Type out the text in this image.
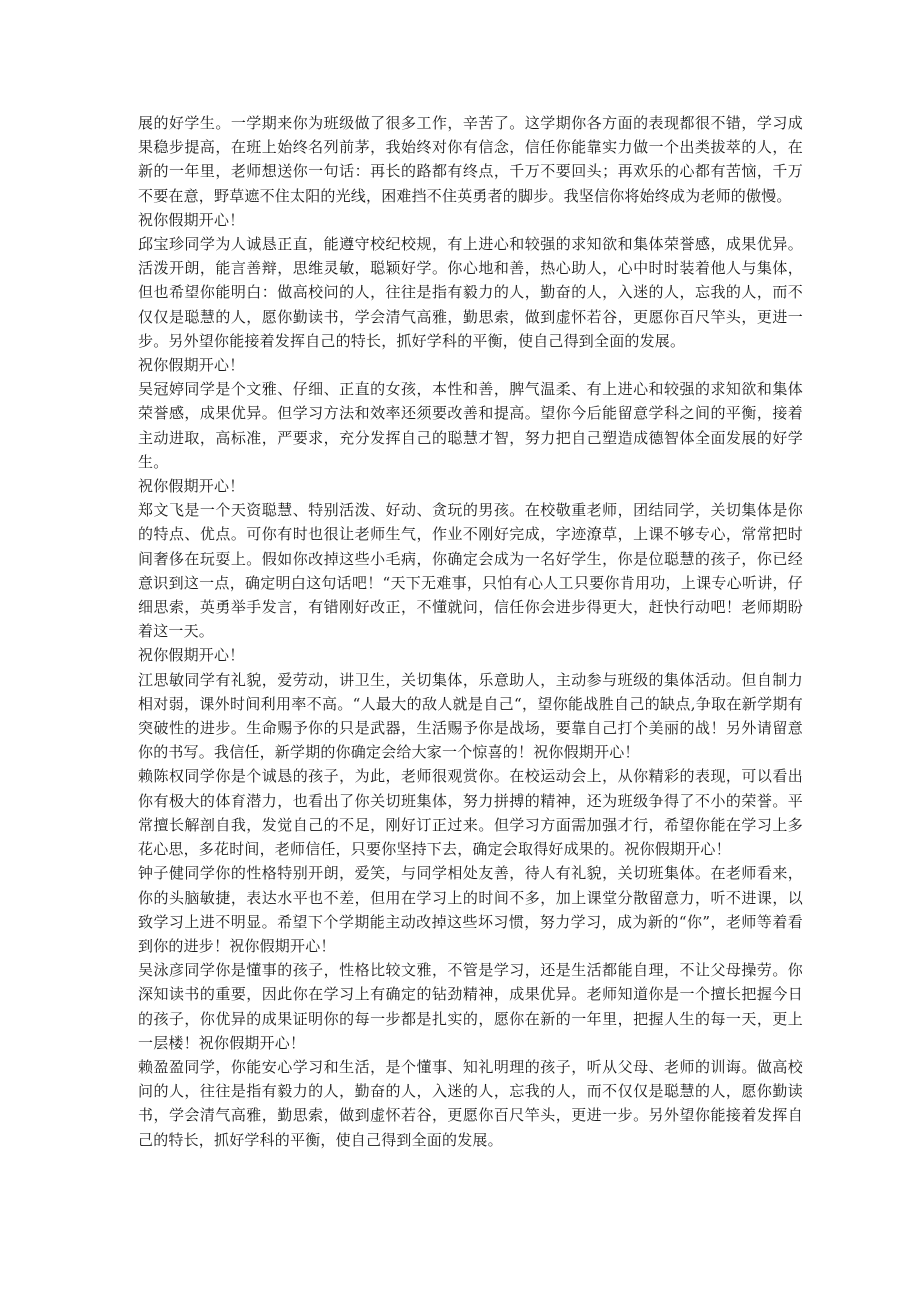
展的好学生。一学期来你为班级做了很多工作，辛苦了。这学期你各方面的表现都很不错，学习成果稳步提高，在班上始终名列前茅，我始终对你有信念，信任你能靠实力做一个出类拔萃的人，在新的一年里，老师想送你一句话：再长的路都有终点，千万不要回头；再欢乐的心都有苦恼，千万不要在意，野草遮不住太阳的光线，困难挡不住英勇者的脚步。我坚信你将始终成为老师的傲慢。

祝你假期开心！

邱宝珍同学为人诚恳正直，能遵守校纪校规，有上进心和较强的求知欲和集体荣誉感，成果优异。活泼开朗，能言善辩，思维灵敏，聪颖好学。你心地和善，热心助人，心中时时装着他人与集体，但也希望你能明白：做高校问的人，往往是指有毅力的人，勤奋的人，入迷的人，忘我的人，而不仅仅是聪慧的人，愿你勤读书，学会清气高雅，勤思索，做到虚怀若谷，更愿你百尺竿头，更进一步。另外望你能接着发挥自己的特长，抓好学科的平衡，使自己得到全面的发展。

祝你假期开心！

吴冠婷同学是个文雅、仔细、正直的女孩，本性和善，脾气温柔、有上进心和较强的求知欲和集体荣誉感，成果优异。但学习方法和效率还须要改善和提高。望你今后能留意学科之间的平衡，接着主动进取，高标准，严要求，充分发挥自己的聪慧才智，努力把自己塑造成德智体全面发展的好学生。

祝你假期开心！

郑文飞是一个天资聪慧、特别活泼、好动、贪玩的男孩。在校敬重老师，团结同学，关切集体是你的特点、优点。可你有时也很让老师生气，作业不刚好完成，字迹潦草，上课不够专心，常常把时间奢侈在玩耍上。假如你改掉这些小毛病，你确定会成为一名好学生，你是位聪慧的孩子，你已经意识到这一点，确定明白这句话吧！“天下无难事，只怕有心人工只要你肯用功，上课专心听讲，仔细思索，英勇举手发言，有错刚好改正，不懂就问，信任你会进步得更大，赶快行动吧！老师期盼着这一天。

祝你假期开心！

江思敏同学有礼貌，爱劳动，讲卫生，关切集体，乐意助人，主动参与班级的集体活动。但自制力相对弱，课外时间利用率不高。“人最大的敌人就是自己“，望你能战胜自己的缺点,争取在新学期有突破性的进步。生命赐予你的只是武器，生活赐予你是战场，要靠自己打个美丽的战！另外请留意你的书写。我信任，新学期的你确定会给大家一个惊喜的！祝你假期开心！

赖陈权同学你是个诚恳的孩子，为此，老师很观赏你。在校运动会上，从你精彩的表现，可以看出你有极大的体育潜力，也看出了你关切班集体，努力拼搏的精神，还为班级争得了不小的荣誉。平常擅长解剖自我，发觉自己的不足，刚好订正过来。但学习方面需加强才行，希望你能在学习上多花心思，多花时间，老师信任，只要你坚持下去，确定会取得好成果的。祝你假期开心！

钟子健同学你的性格特别开朗，爱笑，与同学相处友善，待人有礼貌，关切班集体。在老师看来，你的头脑敏捷，表达水平也不差，但用在学习上的时间不多，加上课堂分散留意力，听不进课，以致学习上进不明显。希望下个学期能主动改掉这些坏习惯，努力学习，成为新的“你”，老师等着看到你的进步！祝你假期开心！

吴泳彦同学你是懂事的孩子，性格比较文雅，不管是学习，还是生活都能自理，不让父母操劳。你深知读书的重要，因此你在学习上有确定的钻劲精神，成果优异。老师知道你是一个擅长把握今日的孩子，你优异的成果证明你的每一步都是扎实的，愿你在新的一年里，把握人生的每一天，更上一层楼！祝你假期开心！

赖盈盈同学，你能安心学习和生活，是个懂事、知礼明理的孩子，听从父母、老师的训诲。做高校问的人，往往是指有毅力的人，勤奋的人，入迷的人，忘我的人，而不仅仅是聪慧的人，愿你勤读书，学会清气高雅，勤思索，做到虚怀若谷，更愿你百尺竿头，更进一步。另外望你能接着发挥自己的特长，抓好学科的平衡，使自己得到全面的发展。
